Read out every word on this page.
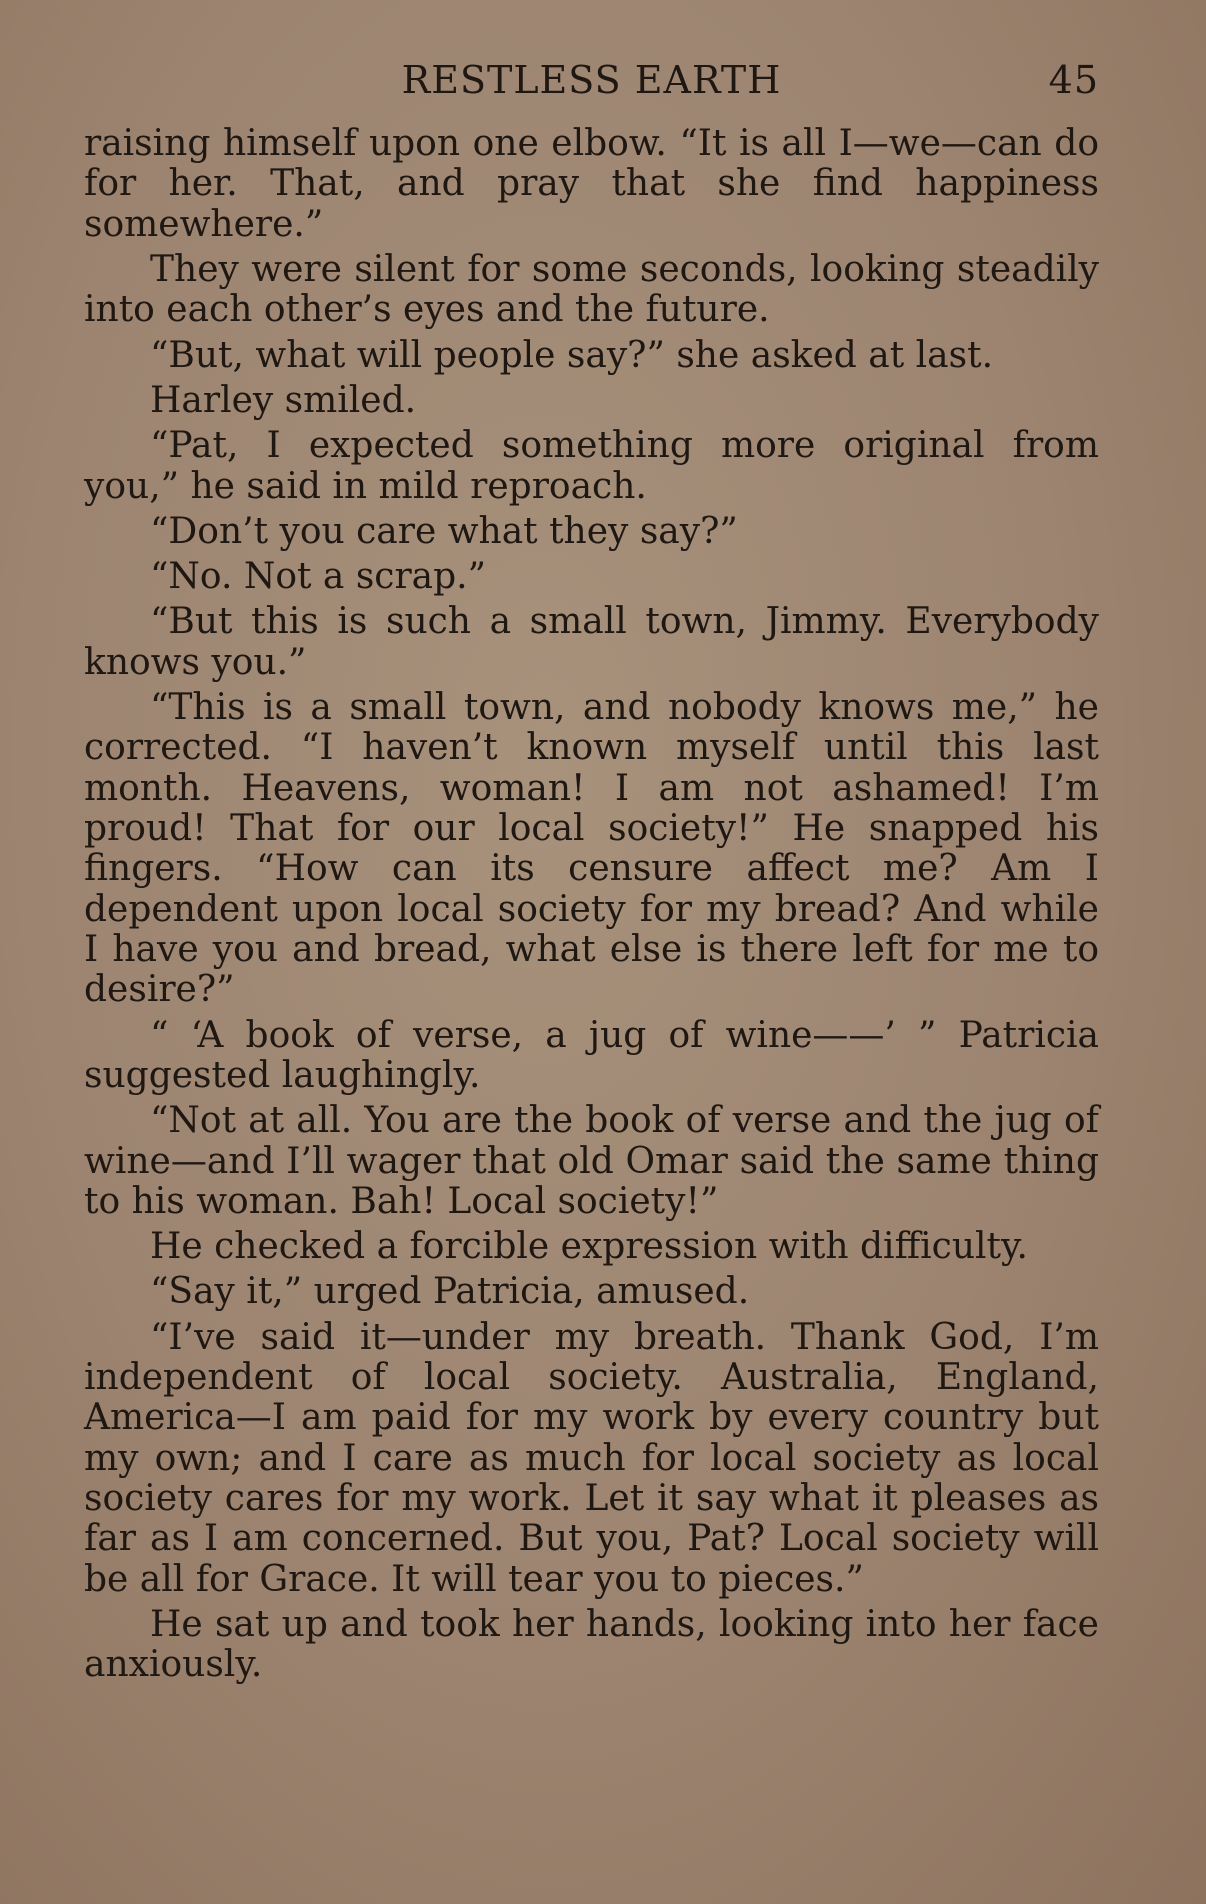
RESTLESS EARTH	45

raising himself upon one elbow. “It is all I—we—can do for her. That, and pray that she find happiness somewhere.”

They were silent for some seconds, looking steadily into each other’s eyes and the future.

“But, what will people say?” she asked at last.

Harley smiled.

“Pat, I expected something more original from you,” he said in mild reproach.

“Don’t you care what they say?”

“No. Not a scrap.”

“But this is such a small town, Jimmy. Everybody knows you.”

“This is a small town, and nobody knows me,” he corrected. “I haven’t known myself until this last month. Heavens, woman! I am not ashamed! I’m proud! That for our local society!” He snapped his fingers. “How can its censure affect me? Am I dependent upon local society for my bread? And while I have you and bread, what else is there left for me to desire?”

“ ‘A book of verse, a jug of wine——’ ” Patricia suggested laughingly.

“Not at all. You are the book of verse and the jug of wine—and I’ll wager that old Omar said the same thing to his woman. Bah! Local society!”

He checked a forcible expression with difficulty.

“Say it,” urged Patricia, amused.

“I’ve said it—under my breath. Thank God, I’m independent of local society. Australia, England, America—I am paid for my work by every country but my own; and I care as much for local society as local society cares for my work. Let it say what it pleases as far as I am concerned. But you, Pat? Local society will be all for Grace. It will tear you to pieces.”

He sat up and took her hands, looking into her face anxiously.
